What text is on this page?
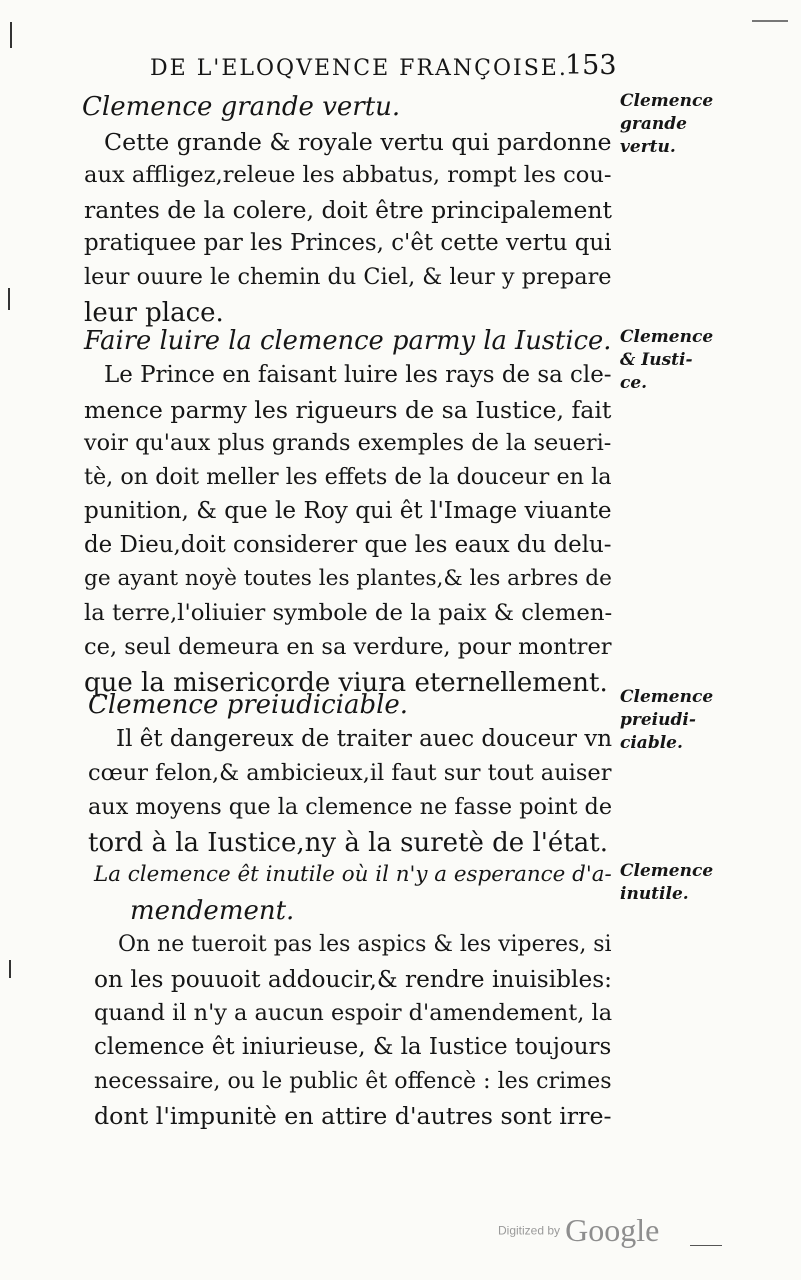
DE L'ELOQVENCE FRANÇOISE.
153
Clemence grande vertu.
Cette grande & royale vertu qui pardonne
aux affligez,releue les abbatus, rompt les cou-
rantes de la colere, doit être principalement
pratiquee par les Princes, c'êt cette vertu qui
leur ouure le chemin du Ciel, & leur y prepare
leur place.
Clemence
grande
vertu.
Faire luire la clemence parmy la Iustice.
Le Prince en faisant luire les rays de sa cle-
mence parmy les rigueurs de sa Iustice, fait
voir qu'aux plus grands exemples de la seueri-
tè, on doit meller les effets de la douceur en la
punition, & que le Roy qui êt l'Image viuante
de Dieu,doit considerer que les eaux du delu-
ge ayant noyè toutes les plantes,& les arbres de
la terre,l'oliuier symbole de la paix & clemen-
ce, seul demeura en sa verdure, pour montrer
que la misericorde viura eternellement.
Clemence
& Iusti-
ce.
Clemence preiudiciable.
Il êt dangereux de traiter auec douceur vn
cœur felon,& ambicieux,il faut sur tout auiser
aux moyens que la clemence ne fasse point de
tord à la Iustice,ny à la suretè de l'état.
Clemence
preiudi-
ciable.
La clemence êt inutile où il n'y a esperance d'a-
mendement.
On ne tueroit pas les aspics & les viperes, si
on les pouuoit addoucir,& rendre inuisibles:
quand il n'y a aucun espoir d'amendement, la
clemence êt iniurieuse, & la Iustice toujours
necessaire, ou le public êt offencè : les crimes
dont l'impunitè en attire d'autres sont irre-
Clemence
inutile.
Digitized by Google
